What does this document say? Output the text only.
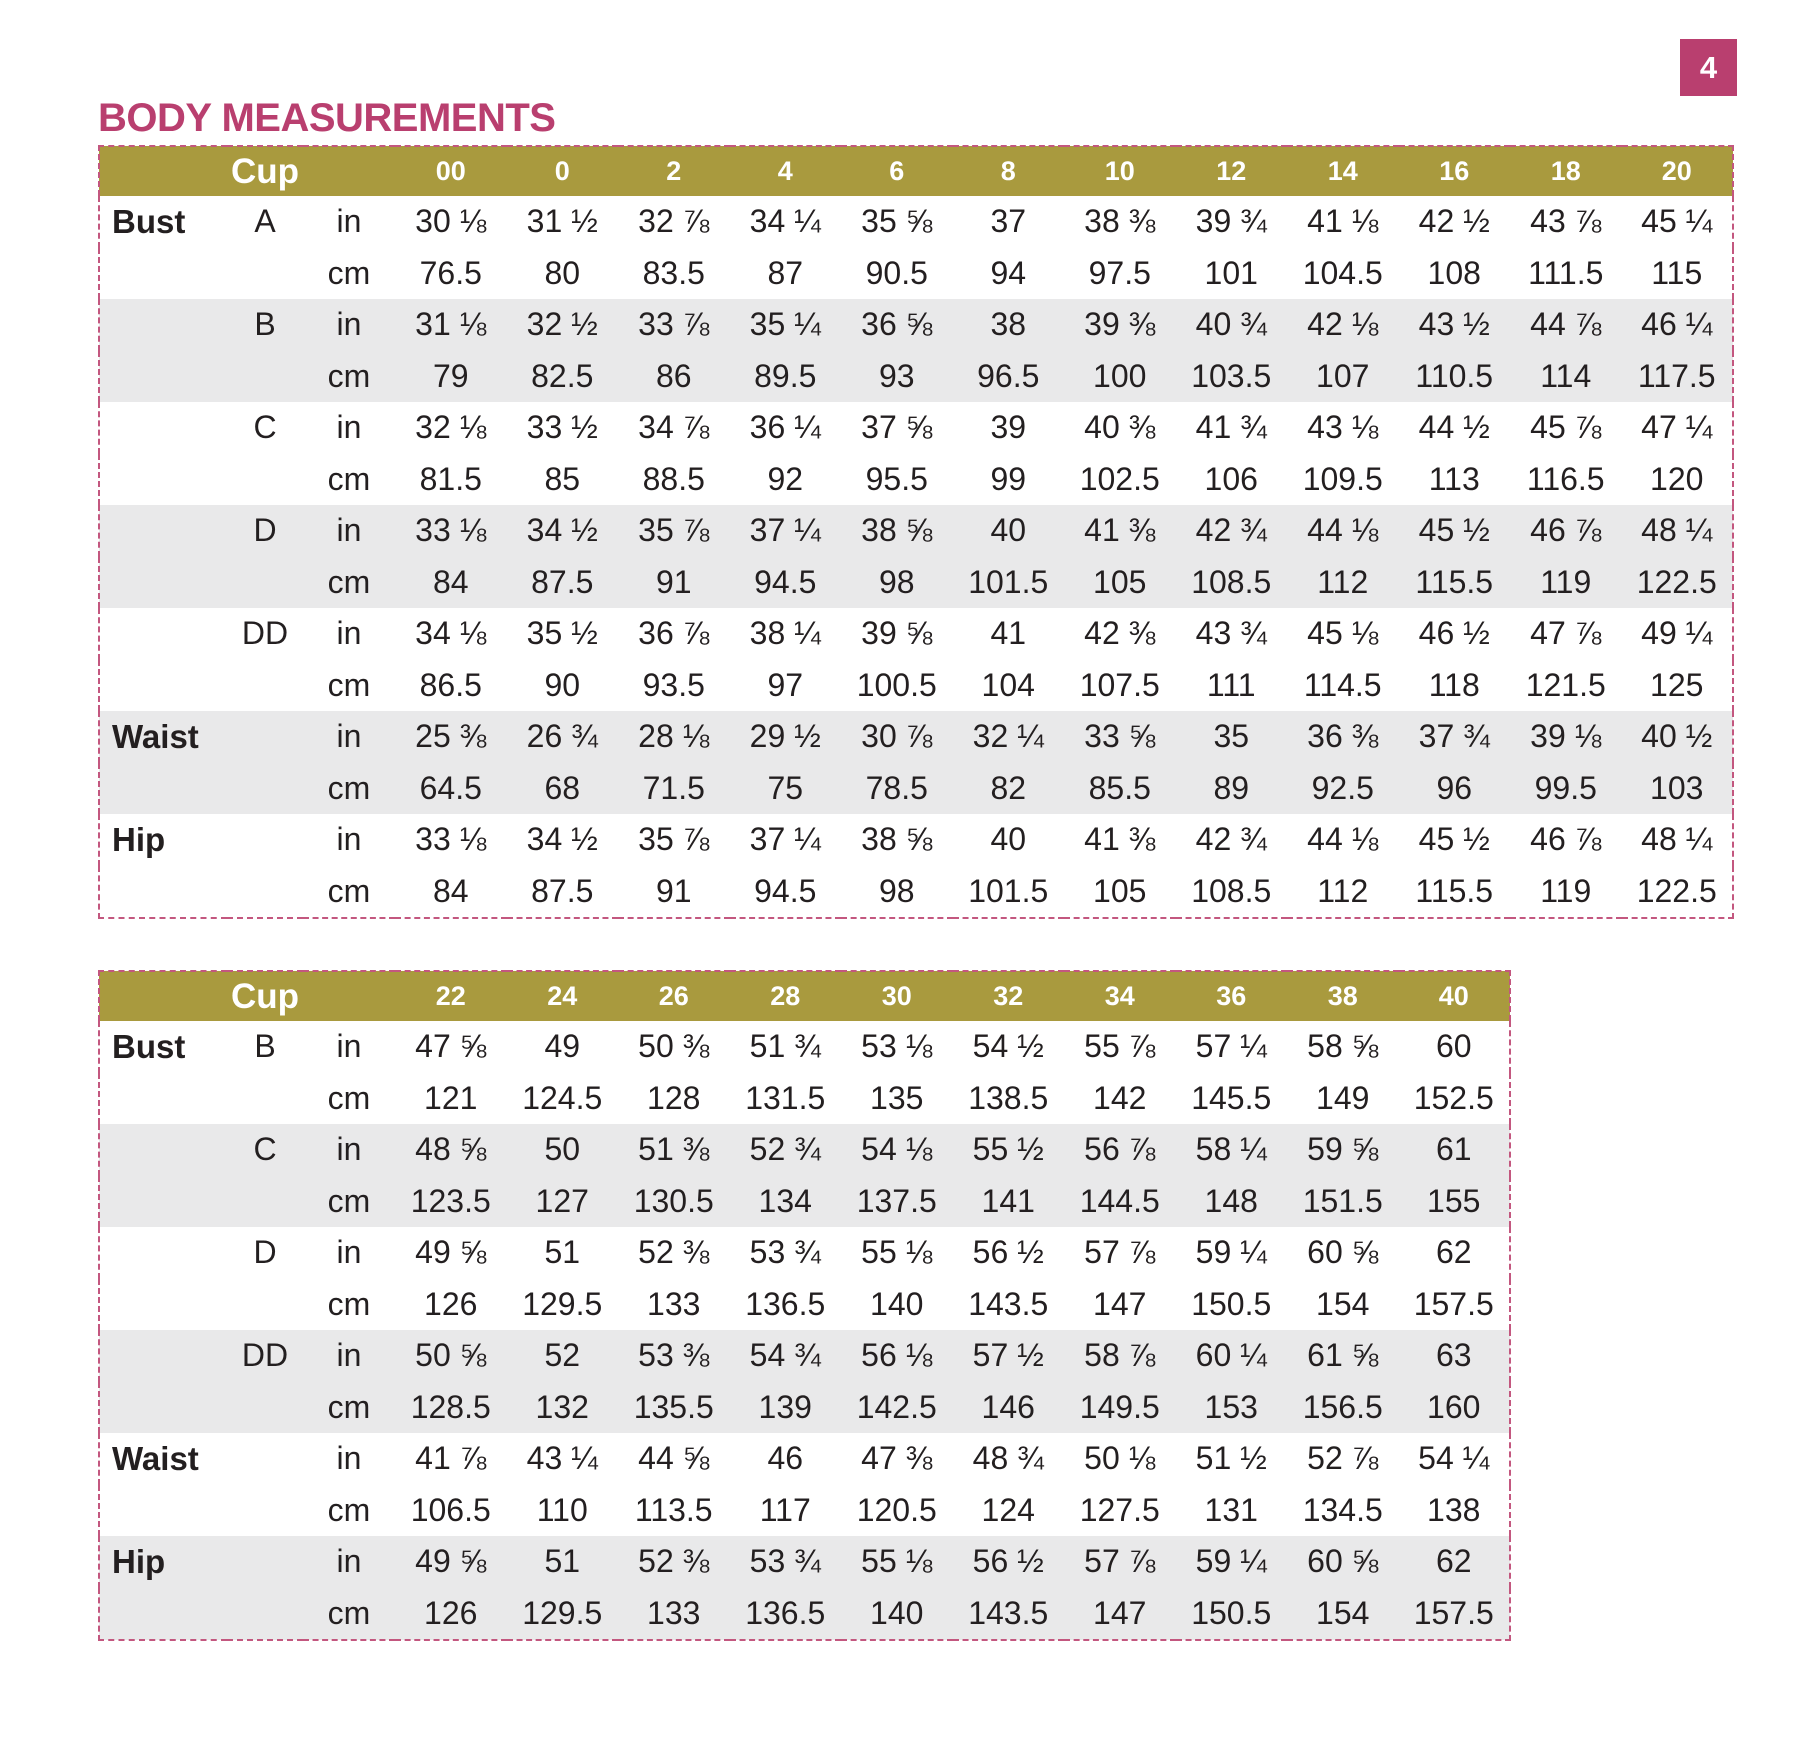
4
BODY MEASUREMENTS
	Cup		00	0	2	4	6	8	10	12	14	16	18	20
Bust	A	in	30 ⅛	31 ½	32 ⅞	34 ¼	35 ⅝	37	38 ⅜	39 ¾	41 ⅛	42 ½	43 ⅞	45 ¼
		cm	76.5	80	83.5	87	90.5	94	97.5	101	104.5	108	111.5	115
	B	in	31 ⅛	32 ½	33 ⅞	35 ¼	36 ⅝	38	39 ⅜	40 ¾	42 ⅛	43 ½	44 ⅞	46 ¼
		cm	79	82.5	86	89.5	93	96.5	100	103.5	107	110.5	114	117.5
	C	in	32 ⅛	33 ½	34 ⅞	36 ¼	37 ⅝	39	40 ⅜	41 ¾	43 ⅛	44 ½	45 ⅞	47 ¼
		cm	81.5	85	88.5	92	95.5	99	102.5	106	109.5	113	116.5	120
	D	in	33 ⅛	34 ½	35 ⅞	37 ¼	38 ⅝	40	41 ⅜	42 ¾	44 ⅛	45 ½	46 ⅞	48 ¼
		cm	84	87.5	91	94.5	98	101.5	105	108.5	112	115.5	119	122.5
	DD	in	34 ⅛	35 ½	36 ⅞	38 ¼	39 ⅝	41	42 ⅜	43 ¾	45 ⅛	46 ½	47 ⅞	49 ¼
		cm	86.5	90	93.5	97	100.5	104	107.5	111	114.5	118	121.5	125
Waist		in	25 ⅜	26 ¾	28 ⅛	29 ½	30 ⅞	32 ¼	33 ⅝	35	36 ⅜	37 ¾	39 ⅛	40 ½
		cm	64.5	68	71.5	75	78.5	82	85.5	89	92.5	96	99.5	103
Hip		in	33 ⅛	34 ½	35 ⅞	37 ¼	38 ⅝	40	41 ⅜	42 ¾	44 ⅛	45 ½	46 ⅞	48 ¼
		cm	84	87.5	91	94.5	98	101.5	105	108.5	112	115.5	119	122.5
	Cup		22	24	26	28	30	32	34	36	38	40
Bust	B	in	47 ⅝	49	50 ⅜	51 ¾	53 ⅛	54 ½	55 ⅞	57 ¼	58 ⅝	60
		cm	121	124.5	128	131.5	135	138.5	142	145.5	149	152.5
	C	in	48 ⅝	50	51 ⅜	52 ¾	54 ⅛	55 ½	56 ⅞	58 ¼	59 ⅝	61
		cm	123.5	127	130.5	134	137.5	141	144.5	148	151.5	155
	D	in	49 ⅝	51	52 ⅜	53 ¾	55 ⅛	56 ½	57 ⅞	59 ¼	60 ⅝	62
		cm	126	129.5	133	136.5	140	143.5	147	150.5	154	157.5
	DD	in	50 ⅝	52	53 ⅜	54 ¾	56 ⅛	57 ½	58 ⅞	60 ¼	61 ⅝	63
		cm	128.5	132	135.5	139	142.5	146	149.5	153	156.5	160
Waist		in	41 ⅞	43 ¼	44 ⅝	46	47 ⅜	48 ¾	50 ⅛	51 ½	52 ⅞	54 ¼
		cm	106.5	110	113.5	117	120.5	124	127.5	131	134.5	138
Hip		in	49 ⅝	51	52 ⅜	53 ¾	55 ⅛	56 ½	57 ⅞	59 ¼	60 ⅝	62
		cm	126	129.5	133	136.5	140	143.5	147	150.5	154	157.5
